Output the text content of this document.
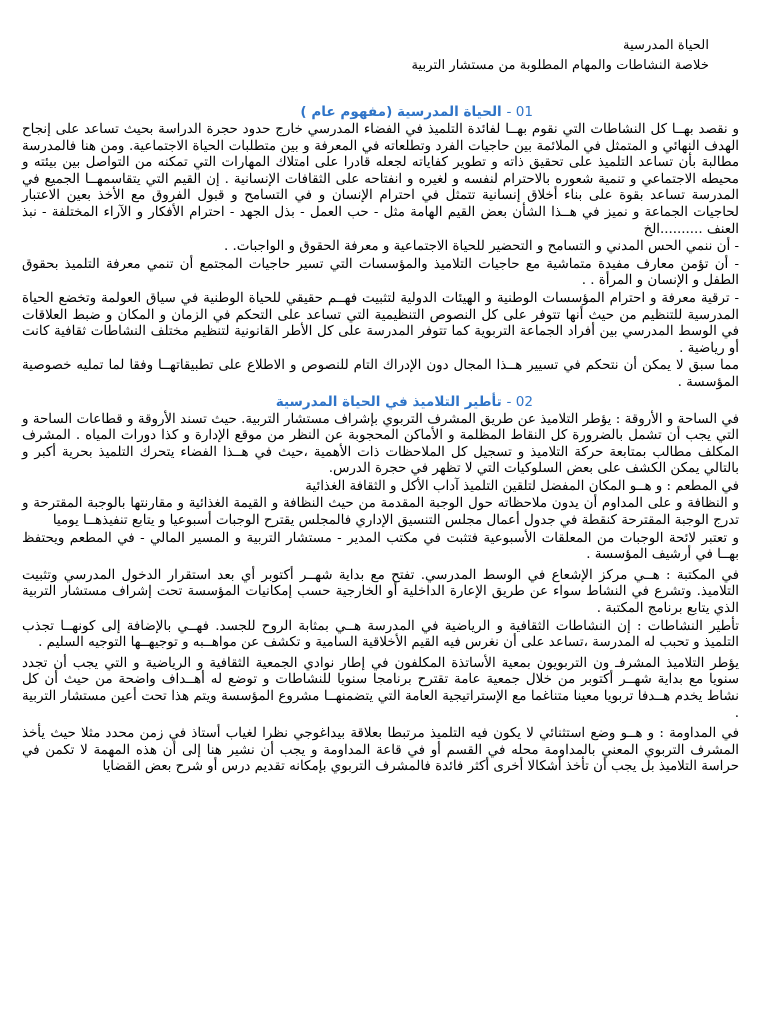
الحياة المدرسية
خلاصة النشاطات والمهام المطلوبة من مستشار التربية
01 - الحياة المدرسية (مفهوم عام )

و نقصد بهــا كل النشاطات التي نقوم بهــا لفائدة التلميذ في الفضاء المدرسي خارج حدود حجرة الدراسة بحيث تساعد على إنجاح الهدف النهائي و المتمثل في الملائمة بين حاجيات الفرد وتطلعاته في المعرفة و بين متطلبات الحياة الاجتماعية. ومن هنا فالمدرسة مطالبة بأن تساعد التلميذ على تحقيق ذاته و تطوير كفاياته لجعله قادرا على امتلاك المهارات التي تمكنه من التواصل بين بيئته و محيطه الاجتماعي و تنمية شعوره بالاحترام لنفسه و لغيره و انفتاحه على الثقافات الإنسانية . إن القيم التي يتقاسمهــا الجميع في المدرسة تساعد بقوة على بناء أخلاق إنسانية تتمثل في احترام الإنسان و في التسامح و قبول الفروق مع الأخذ بعين الاعتبار لحاجيات الجماعة و نميز في هــذا الشأن بعض القيم الهامة مثل - حب العمل - بذل الجهد - احترام الأفكار و الآراء المختلفة - نبذ العنف ..........الخ

- أن ننمي الحس المدني و التسامح و التحضير للحياة الاجتماعية و معرفة الحقوق و الواجبات. .

- أن تؤمن معارف مفيدة متماشية مع حاجيات التلاميذ والمؤسسات التي تسير حاجيات المجتمع أن تنمي معرفة التلميذ بحقوق الطفل و الإنسان و المرأة . .

- ترقية معرفة و احترام المؤسسات الوطنية و الهيئات الدولية لتثبيت فهــم حقيقي للحياة الوطنية في سياق العولمة وتخضع الحياة المدرسية للتنظيم من حيث أنها تتوفر على كل النصوص التنظيمية التي تساعد على التحكم في الزمان و المكان و ضبط العلاقات في الوسط المدرسي بين أفراد الجماعة التربوية كما تتوفر المدرسة على كل الأطر القانونية لتنظيم مختلف النشاطات ثقافية كانت أو رياضية .

مما سبق لا يمكن أن نتحكم في تسيير هــذا المجال دون الإدراك التام للنصوص و الاطلاع على تطبيقاتهــا وفقا لما تمليه خصوصية المؤسسة .

02 - تأطير التلاميذ في الحياة المدرسية

في الساحة و الأروقة : يؤطر التلاميذ عن طريق المشرف التربوي بإشراف مستشار التربية. حيث تسند الأروقة و قطاعات الساحة و التي يجب أن تشمل بالضرورة كل النقاط المظلمة و الأماكن المحجوبة عن النظر من موقع الإدارة و كذا دورات المياه . المشرف المكلف مطالب بمتابعة حركة التلاميذ و تسجيل كل الملاحظات ذات الأهمية ،حيث في هــذا الفضاء يتحرك التلميذ بحرية أكبر و بالتالي يمكن الكشف على بعض السلوكيات التي لا تظهر في حجرة الدرس.

في المطعم : و هــو المكان المفضل لتلقين التلميذ آداب الأكل و الثقافة الغذائية

و النظافة و على المداوم أن يدون ملاحظاته حول الوجبة المقدمة من حيث النظافة و القيمة الغذائية و مقارنتها بالوجبة المقترحة و تدرج الوجبة المقترحة كنقطة في جدول أعمال مجلس التنسيق الإداري فالمجلس يقترح الوجبات أسبوعيا و يتابع تنفيذهــا يوميا

و تعتبر لائحة الوجبات من المعلقات الأسبوعية فتثبت في مكتب المدير - مستشار التربية و المسير المالي - في المطعم ويحتفظ بهــا في أرشيف المؤسسة .

في المكتبة : هــي مركز الإشعاع في الوسط المدرسي. تفتح مع بداية شهــر أكتوبر أي بعد استقرار الدخول المدرسي وتثبيت التلاميذ. وتشرع في النشاط سواء عن طريق الإعارة الداخلية أو الخارجية حسب إمكانيات المؤسسة تحت إشراف مستشار التربية الذي يتابع برنامج المكتبة .

تأطير النشاطات : إن النشاطات الثقافية و الرياضية في المدرسة هــي بمثابة الروح للجسد. فهــي بالإضافة إلى كونهــا تجذب التلميذ و تحبب له المدرسة ،تساعد على أن نغرس فيه القيم الأخلاقية السامية و تكشف عن مواهــبه و توجيهــها التوجيه السليم .

يؤطر التلاميذ المشرفـ ون التربويون بمعية الأساتذة المكلفون في إطار نوادي الجمعية الثقافية و الرياضية و التي يجب أن تجدد سنويا مع بداية شهــر أكتوبر من خلال جمعية عامة تقترح برنامجا سنويا للنشاطات و توضع له أهــداف واضحة من حيث أن كل نشاط يخدم هــدفا تربويا معينا متناغما مع الإستراتيجية العامة التي يتضمنهــا مشروع المؤسسة ويتم هذا تحت أعين مستشار التربية .

في المداومة : و هــو وضع استثنائي لا يكون فيه التلميذ مرتبطا بعلاقة بيداغوجي نظرا لغياب أستاذ في زمن محدد مثلا حيث يأخذ المشرف التربوي المعني بالمداومة محله في القسم أو في قاعة المداومة و يجب أن نشير هنا إلى أن هذه المهمة لا تكمن في حراسة التلاميذ بل يجب أن تأخذ أشكالا أخرى أكثر فائدة فالمشرف التربوي بإمكانه تقديم درس أو شرح بعض القضايا
